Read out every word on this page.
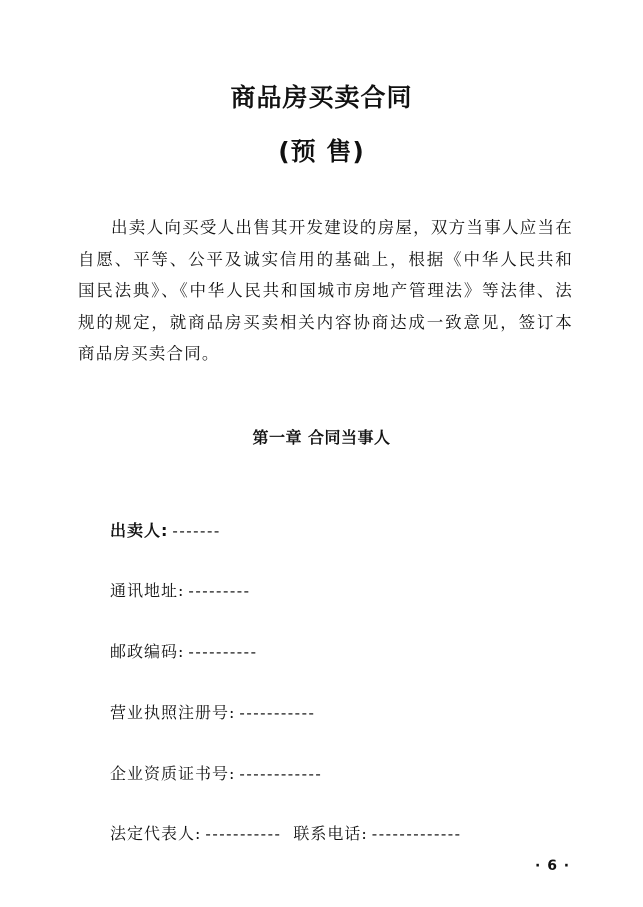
商品房买卖合同
(预 售)

出卖人向买受人出售其开发建设的房屋，双方当事人应当在自愿、平等、公平及诚实信用的基础上，根据《中华人民共和国民法典》、《中华人民共和国城市房地产管理法》等法律、法规的规定，就商品房买卖相关内容协商达成一致意见，签订本商品房买卖合同。

第一章 合同当事人
出卖人: -------
通讯地址: ---------
邮政编码: ----------
营业执照注册号: -----------
企业资质证书号: ------------
法定代表人: ----------- 联系电话: -------------
· 6 ·
